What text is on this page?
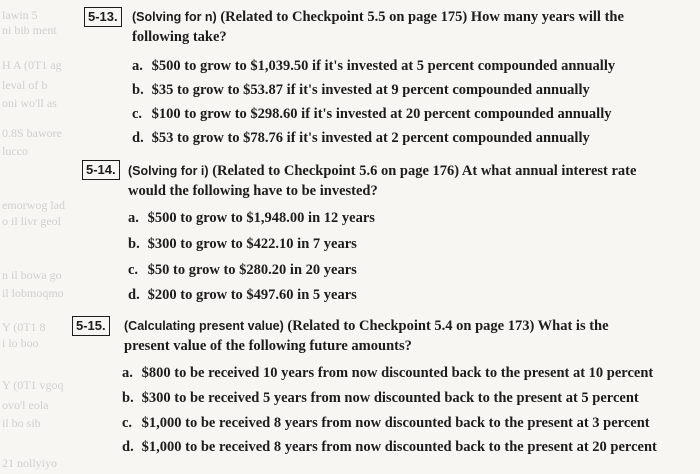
lawin 5
ni bib ment
H A (0T1 ag
leval of b
oni wo'll as
0.8S bawore
lucco
emorwog lad
o il livr geol
n il bowa go
il lobmoqmo
Y (0T1 8
i lo boo
Y (0T1 vgoq
ovo'l eola
il bo sib
21 nollyiyo
5-13.	(Solving for n) (Related to Checkpoint 5.5 on page 175) How many years will the
following take?
a. $500 to grow to $1,039.50 if it's invested at 5 percent compounded annually
b. $35 to grow to $53.87 if it's invested at 9 percent compounded annually
c. $100 to grow to $298.60 if it's invested at 20 percent compounded annually
d. $53 to grow to $78.76 if it's invested at 2 percent compounded annually
5-14. (Solving for i) (Related to Checkpoint 5.6 on page 176) At what annual interest rate
would the following have to be invested?
a. $500 to grow to $1,948.00 in 12 years
b. $300 to grow to $422.10 in 7 years
c. $50 to grow to $280.20 in 20 years
d. $200 to grow to $497.60 in 5 years
5-15.	(Calculating present value) (Related to Checkpoint 5.4 on page 173) What is the
present value of the following future amounts?
a. $800 to be received 10 years from now discounted back to the present at 10 percent
b. $300 to be received 5 years from now discounted back to the present at 5 percent
c. $1,000 to be received 8 years from now discounted back to the present at 3 percent
d. $1,000 to be received 8 years from now discounted back to the present at 20 percent
